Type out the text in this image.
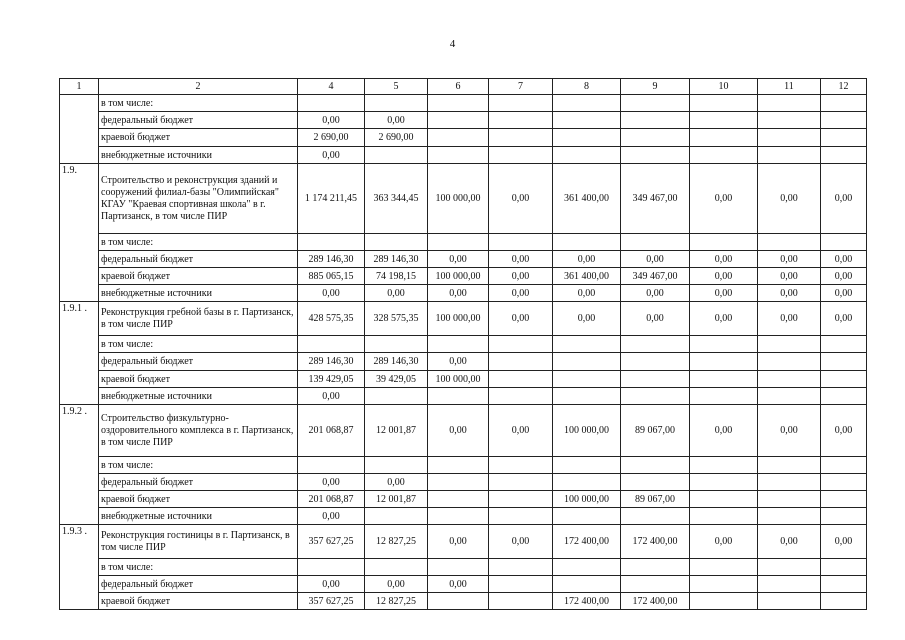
4
1	2	4	5	6	7	8	9	10	11	12
	в том числе:									
	федеральный бюджет	0,00	0,00							
	краевой бюджет	2 690,00	2 690,00							
	внебюджетные источники	0,00								
1.9.	Строительство и реконструкция зданий и сооружений филиал-базы "Олимпийская" КГАУ "Краевая спортивная школа" в г. Партизанск, в том числе ПИР	1 174 211,45	363 344,45	100 000,00	0,00	361 400,00	349 467,00	0,00	0,00	0,00
	в том числе:									
	федеральный бюджет	289 146,30	289 146,30	0,00	0,00	0,00	0,00	0,00	0,00	0,00
	краевой бюджет	885 065,15	74 198,15	100 000,00	0,00	361 400,00	349 467,00	0,00	0,00	0,00
	внебюджетные источники	0,00	0,00	0,00	0,00	0,00	0,00	0,00	0,00	0,00
1.9.1 .	Реконструкция гребной базы в г. Партизанск, в том числе ПИР	428 575,35	328 575,35	100 000,00	0,00	0,00	0,00	0,00	0,00	0,00
	в том числе:									
	федеральный бюджет	289 146,30	289 146,30	0,00						
	краевой бюджет	139 429,05	39 429,05	100 000,00						
	внебюджетные источники	0,00								
1.9.2 .	Строительство физкультурно-оздоровительного комплекса в г. Партизанск, в том числе ПИР	201 068,87	12 001,87	0,00	0,00	100 000,00	89 067,00	0,00	0,00	0,00
	в том числе:									
	федеральный бюджет	0,00	0,00							
	краевой бюджет	201 068,87	12 001,87			100 000,00	89 067,00			
	внебюджетные источники	0,00								
1.9.3 .	Реконструкция гостиницы в г. Партизанск, в том числе ПИР	357 627,25	12 827,25	0,00	0,00	172 400,00	172 400,00	0,00	0,00	0,00
	в том числе:									
	федеральный бюджет	0,00	0,00	0,00						
	краевой бюджет	357 627,25	12 827,25			172 400,00	172 400,00			
